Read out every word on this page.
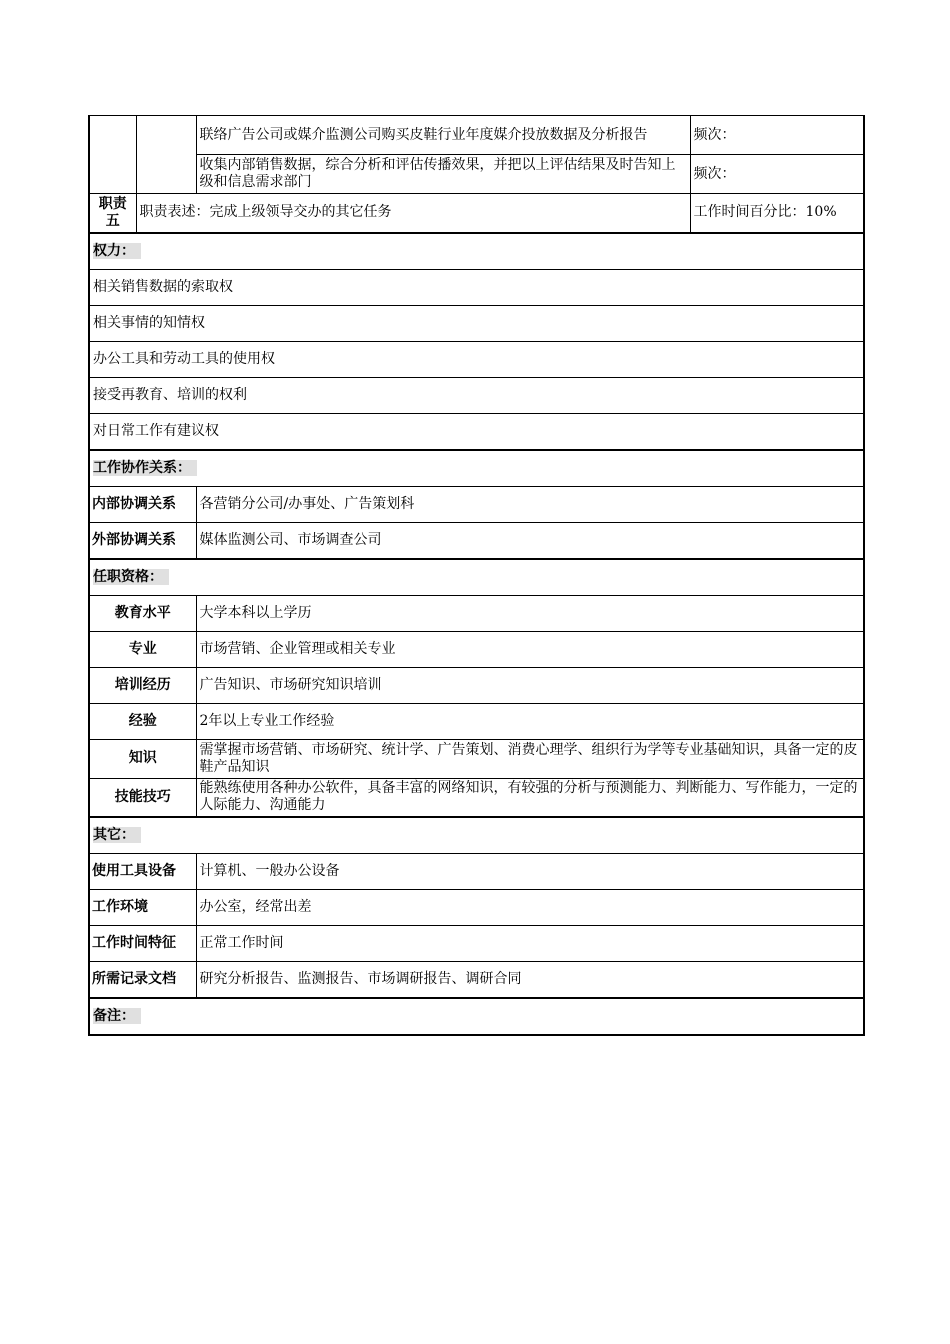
		联络广告公司或媒介监测公司购买皮鞋行业年度媒介投放数据及分析报告	频次：
		收集内部销售数据，综合分析和评估传播效果，并把以上评估结果及时告知上级和信息需求部门	频次：
职责五	职责表述：完成上级领导交办的其它任务		工作时间百分比：10%
权力：			
相关销售数据的索取权			
相关事情的知情权			
办公工具和劳动工具的使用权			
接受再教育、培训的权利			
对日常工作有建议权			
工作协作关系：			
内部协调关系		各营销分公司/办事处、广告策划科	
外部协调关系		媒体监测公司、市场调查公司	
任职资格：			
教育水平		大学本科以上学历	
专业		市场营销、企业管理或相关专业	
培训经历		广告知识、市场研究知识培训	
经验		2年以上专业工作经验	
知识		需掌握市场营销、市场研究、统计学、广告策划、消费心理学、组织行为学等专业基础知识，具备一定的皮鞋产品知识	
技能技巧		能熟练使用各种办公软件，具备丰富的网络知识，有较强的分析与预测能力、判断能力、写作能力，一定的人际能力、沟通能力	
其它：			
使用工具设备		计算机、一般办公设备	
工作环境		办公室，经常出差	
工作时间特征		正常工作时间	
所需记录文档		研究分析报告、监测报告、市场调研报告、调研合同	
备注：			
